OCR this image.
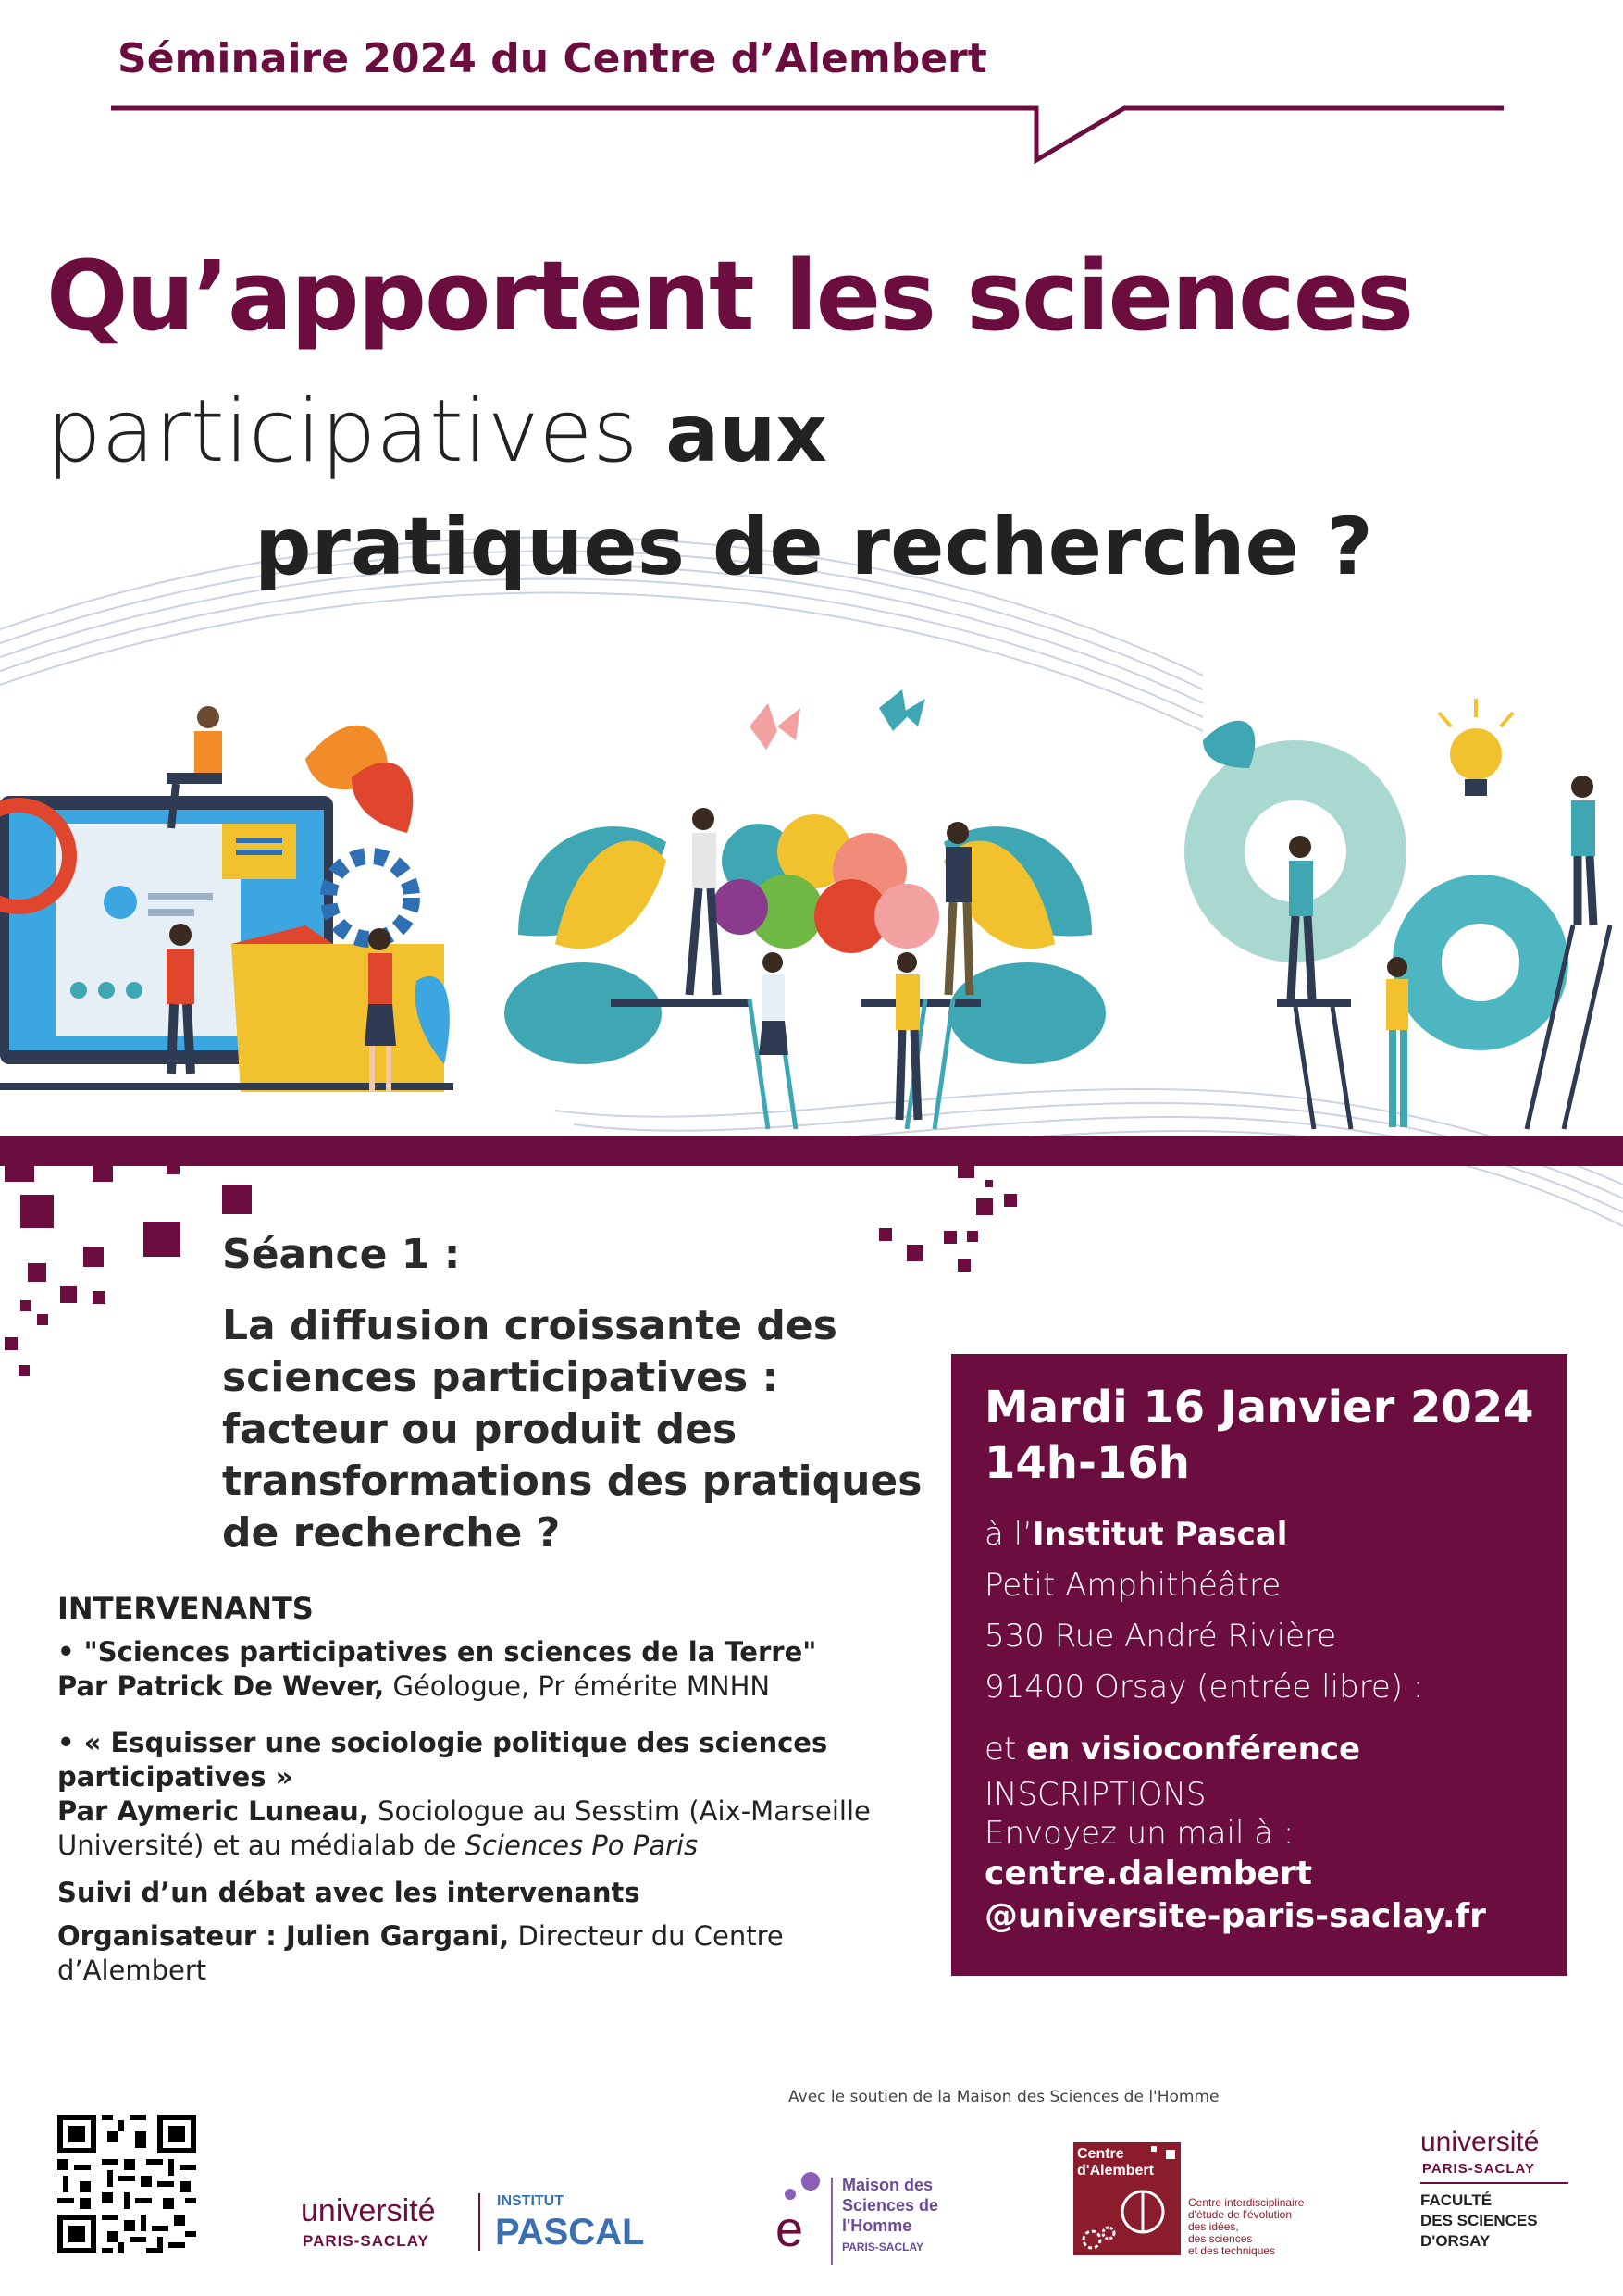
Séminaire 2024 du Centre d’Alembert
Qu’apportent les sciences
participatives aux
pratiques de recherche ?
Séance 1 :
La diffusion croissante des sciences participatives : facteur ou produit des transformations des pratiques de recherche ?
INTERVENANTS
• "Sciences participatives en sciences de la Terre"
Par Patrick De Wever, Géologue, Pr émérite MNHN
• « Esquisser une sociologie politique des sciences participatives »
Par Aymeric Luneau, Sociologue au Sesstim (Aix-Marseille Université) et au médialab de Sciences Po Paris
Suivi d’un débat avec les intervenants
Organisateur : Julien Gargani, Directeur du Centre d’Alembert
Mardi 16 Janvier 2024
14h-16h
à l’Institut Pascal
Petit Amphithéâtre
530 Rue André Rivière
91400 Orsay (entrée libre) :
et en visioconférence
INSCRIPTIONS
Envoyez un mail à :
centre.dalembert
@universite-paris-saclay.fr
Avec le soutien de la Maison des Sciences de l'Homme
université
PARIS-SACLAY
INSTITUT
PASCAL	e
Maison des
Sciences de
l'Homme
PARIS-SACLAY
Centre
d'Alembert
Centre interdisciplinaire
d'étude de l'évolution
des idées,
des sciences
et des techniques
université
PARIS-SACLAY
FACULTÉ
DES SCIENCES
D'ORSAY
